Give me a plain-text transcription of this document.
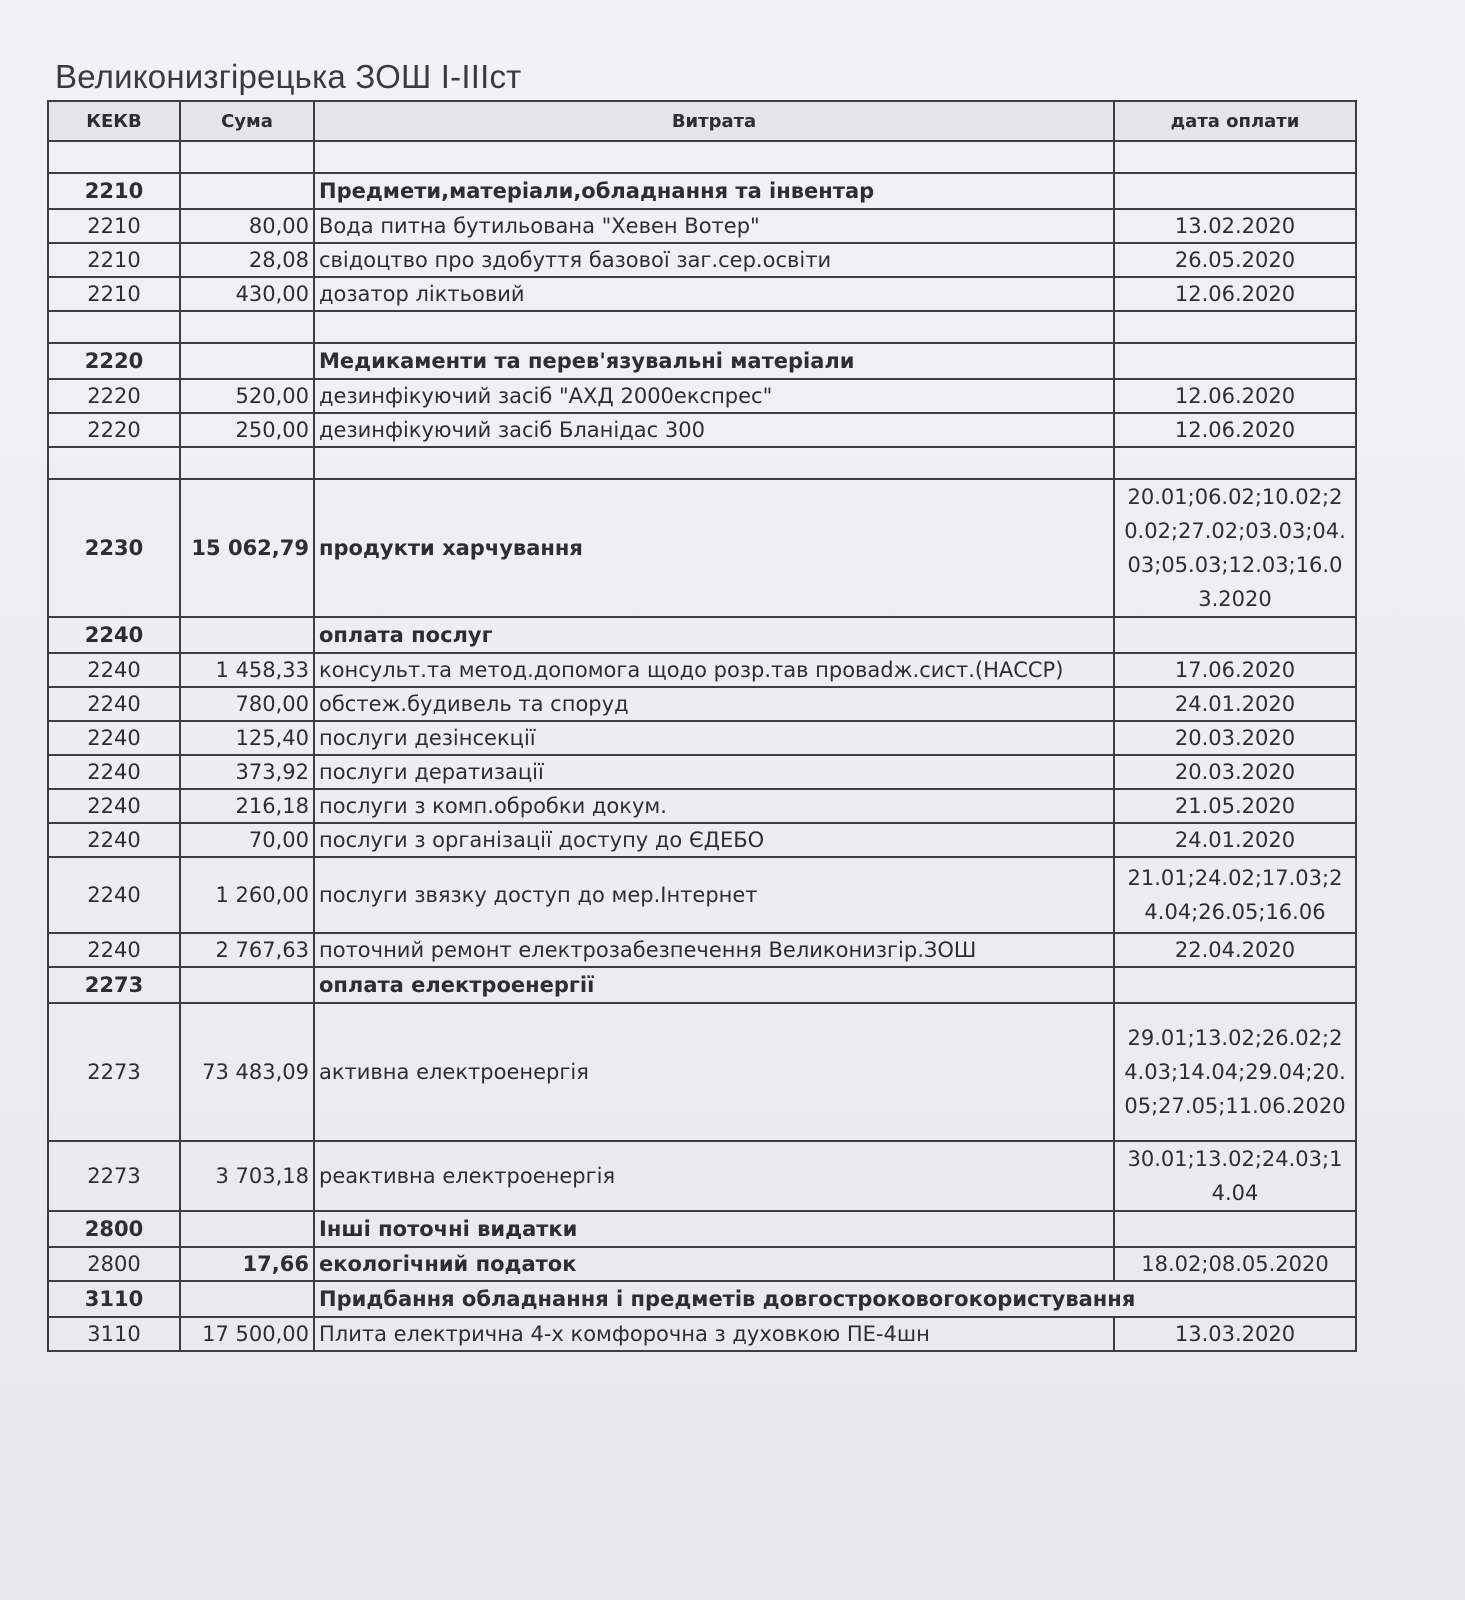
Великонизгірецька ЗОШ І-ІІІст
КЕКВ	Сума	Витрата	дата оплати

2210		Предмети,матеріали,обладнання та інвентар	
2210	80,00	Вода питна бутильована "Хевен Вотер"	13.02.2020
2210	28,08	свідоцтво про здобуття базової заг.сер.освіти	26.05.2020
2210	430,00	дозатор ліктьовий	12.06.2020

2220		Медикаменти та перев'язувальні матеріали	
2220	520,00	дезинфікуючий засіб "АХД 2000експрес"	12.06.2020
2220	250,00	дезинфікуючий засіб Бланідас 300	12.06.2020

2230	15 062,79	продукти харчування	20.01;06.02;10.02;20.02;27.02;03.03;04.03;05.03;12.03;16.03.2020
2240		оплата послуг	
2240	1 458,33	консульт.та метод.допомога щодо розр.тав проваdж.сист.(НАССР)	17.06.2020
2240	780,00	обстеж.будивель та споруд	24.01.2020
2240	125,40	послуги дезінсекції	20.03.2020
2240	373,92	послуги дератизації	20.03.2020
2240	216,18	послуги з комп.обробки докум.	21.05.2020
2240	70,00	послуги з організації доступу до ЄДЕБО	24.01.2020
2240	1 260,00	послуги звязку доступ до мер.Інтернет	21.01;24.02;17.03;24.04;26.05;16.06
2240	2 767,63	поточний ремонт електрозабезпечення Великонизгір.ЗОШ	22.04.2020
2273		оплата електроенергії	
2273	73 483,09	активна електроенергія	29.01;13.02;26.02;24.03;14.04;29.04;20.05;27.05;11.06.2020
2273	3 703,18	реактивна електроенергія	30.01;13.02;24.03;14.04
2800		Інші поточні видатки	
2800	17,66	екологічний податок	18.02;08.05.2020
3110		Придбання обладнання і предметів довгостроковогокористування	
3110	17 500,00	Плита електрична 4-х комфорочна з духовкою ПЕ-4шн	13.03.2020
